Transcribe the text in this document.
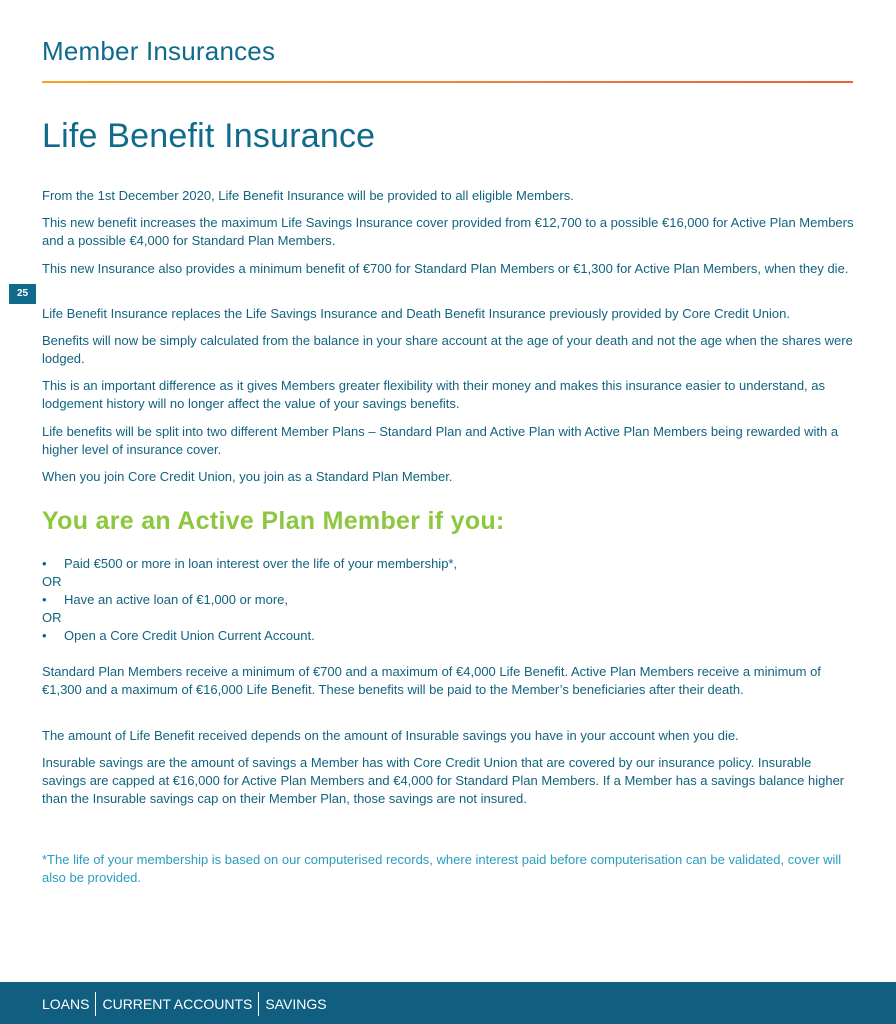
Member Insurances
Life Benefit Insurance
25
From the 1st December 2020, Life Benefit Insurance will be provided to all eligible Members.
This new benefit increases the maximum Life Savings Insurance cover provided from €12,700 to a possible €16,000 for Active Plan Members and a possible €4,000 for Standard Plan Members.
This new Insurance also provides a minimum benefit of €700 for Standard Plan Members or €1,300 for Active Plan Members, when they die.
Life Benefit Insurance replaces the Life Savings Insurance and Death Benefit Insurance previously provided by Core Credit Union.
Benefits will now be simply calculated from the balance in your share account at the age of your death and not the age when the shares were lodged.
This is an important difference as it gives Members greater flexibility with their money and makes this insurance easier to understand, as lodgement history will no longer affect the value of your savings benefits.
Life benefits will be split into two different Member Plans – Standard Plan and Active Plan with Active Plan Members being rewarded with a higher level of insurance cover.
When you join Core Credit Union, you join as a Standard Plan Member.
You are an Active Plan Member if you:
• Paid €500 or more in loan interest over the life of your membership*,
OR
• Have an active loan of €1,000 or more,
OR
• Open a Core Credit Union Current Account.
Standard Plan Members receive a minimum of €700 and a maximum of €4,000 Life Benefit. Active Plan Members receive a minimum of €1,300 and a maximum of €16,000 Life Benefit. These benefits will be paid to the Member’s beneficiaries after their death.
The amount of Life Benefit received depends on the amount of Insurable savings you have in your account when you die.
Insurable savings are the amount of savings a Member has with Core Credit Union that are covered by our insurance policy. Insurable savings are capped at €16,000 for Active Plan Members and €4,000 for Standard Plan Members. If a Member has a savings balance higher than the Insurable savings cap on their Member Plan, those savings are not insured.
*The life of your membership is based on our computerised records, where interest paid before computerisation can be validated, cover will also be provided.
LOANS CURRENT ACCOUNTS SAVINGS
